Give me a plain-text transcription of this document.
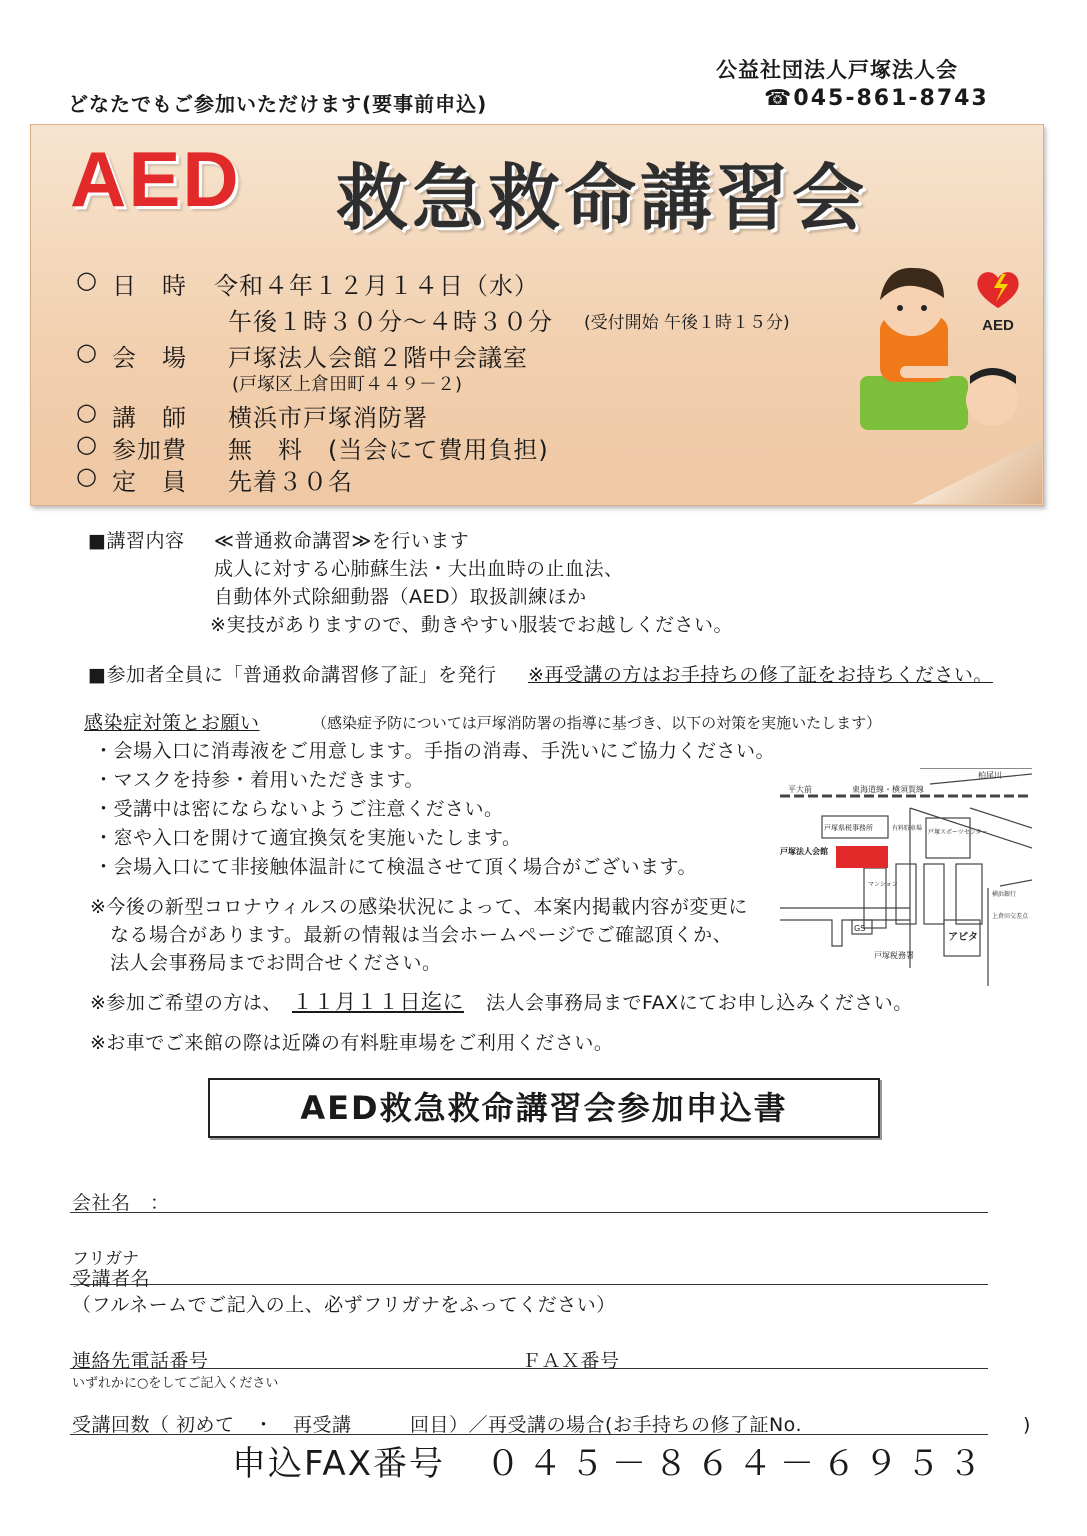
どなたでもご参加いただけます(要事前申込)
公益社団法人戸塚法人会
☎045-861-8743
AED 救急救命講習会
○ 日　時 令和４年１２月１４日（水）
午後１時３０分～４時３０分 (受付開始 午後１時１５分)
○ 会　場 戸塚法人会館２階中会議室
(戸塚区上倉田町４４９－２)
○ 講　師 横浜市戸塚消防署
○ 参加費 無　料　(当会にて費用負担)
○ 定　員 先着３０名
AED
■講習内容 ≪普通救命講習≫を行います
成人に対する心肺蘇生法・大出血時の止血法、
自動体外式除細動器（AED）取扱訓練ほか
※実技がありますので、動きやすい服装でお越しください。
■参加者全員に「普通救命講習修了証」を発行 ※再受講の方はお手持ちの修了証をお持ちください。
感染症対策とお願い	（感染症予防については戸塚消防署の指導に基づき、以下の対策を実施いたします）
・会場入口に消毒液をご用意します。手指の消毒、手洗いにご協力ください。
・マスクを持参・着用いただきます。
・受講中は密にならないようご注意ください。
・窓や入口を開けて適宜換気を実施いたします。
・会場入口にて非接触体温計にて検温させて頂く場合がございます。
※今後の新型コロナウィルスの感染状況によって、本案内掲載内容が変更に
なる場合があります。最新の情報は当会ホームページでご確認頂くか、
法人会事務局までお問合せください。
柏尾川
平大前	東海道線・横須賀線
戸塚県税事務所	有料駐車場
戸塚スポーツセンター
戸塚法人会館
マンション
GS
アピタ
戸塚税務署
上倉田交差点
横浜銀行
※参加ご希望の方は、 １１月１１日迄に 法人会事務局までFAXにてお申し込みください。
※お車でご来館の際は近隣の有料駐車場をご利用ください。
AED救急救命講習会参加申込書
会社名　：
フリガナ
受講者名
（フルネームでご記入の上、必ずフリガナをふってください）
連絡先電話番号	ＦＡＸ番号
いずれかに○をしてご記入ください
受講回数（ 初めて　・　再受講　　　回目）／再受講の場合(お手持ちの修了証No.　　　　　　　　　　　 )
申込FAX番号 ０４５－８６４－６９５３
